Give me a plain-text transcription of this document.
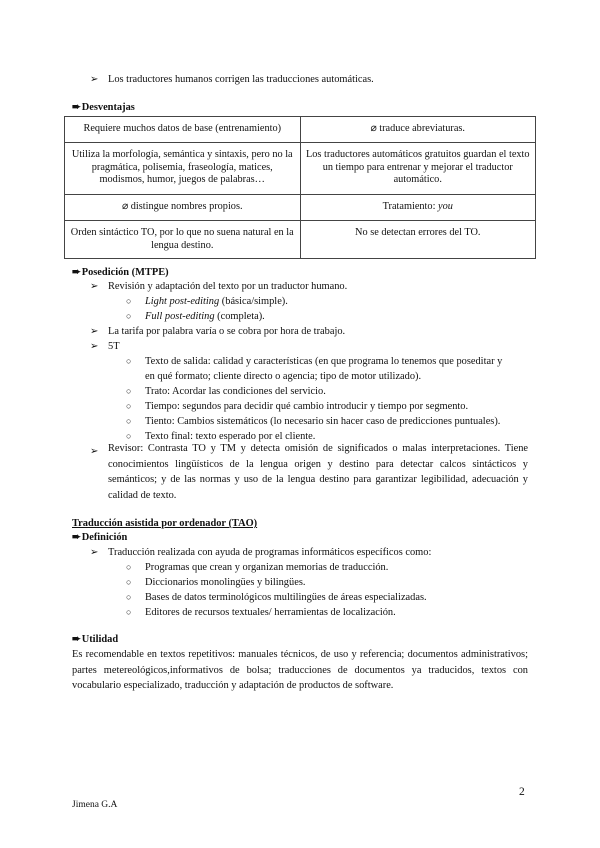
➢ Los traductores humanos corrigen las traducciones automáticas.
➨Desventajas
Requiere muchos datos de base (entrenamiento)	⌀ traduce abreviaturas.
Utiliza la morfología, semántica y sintaxis, pero no la pragmática, polisemia, fraseología, matices, modismos, humor, juegos de palabras…	Los traductores automáticos gratuitos guardan el texto un tiempo para entrenar y mejorar el traductor automático.
⌀ distingue nombres propios.	Tratamiento: you
Orden sintáctico TO, por lo que no suena natural en la lengua destino.	No se detectan errores del TO.
➨Posedición (MTPE)
➢ Revisión y adaptación del texto por un traductor humano.
○ Light post-editing (básica/simple).
○ Full post-editing (completa).
➢ La tarifa por palabra varía o se cobra por hora de trabajo.
➢ 5T
○ Texto de salida: calidad y características (en que programa lo tenemos que poseditar y
en qué formato; cliente directo o agencia; tipo de motor utilizado).
○ Trato: Acordar las condiciones del servicio.
○ Tiempo: segundos para decidir qué cambio introducir y tiempo por segmento.
○ Tiento: Cambios sistemáticos (lo necesario sin hacer caso de predicciones puntuales).
○ Texto final: texto esperado por el cliente.
➢ Revisor: Contrasta TO y TM y detecta omisión de significados o malas interpretaciones. Tiene conocimientos lingüísticos de la lengua origen y destino para detectar calcos sintácticos y semánticos; y de las normas y uso de la lengua destino para garantizar legibilidad, adecuación y calidad de texto.
Traducción asistida por ordenador (TAO)
➨Definición
➢ Traducción realizada con ayuda de programas informáticos específicos como:
○ Programas que crean y organizan memorias de traducción.
○ Diccionarios monolingües y bilingües.
○ Bases de datos terminológicos multilingües de áreas especializadas.
○ Editores de recursos textuales/ herramientas de localización.
➨Utilidad
Es recomendable en textos repetitivos: manuales técnicos, de uso y referencia; documentos administrativos; partes metereológicos,informativos de bolsa; traducciones de documentos ya traducidos, textos con vocabulario especializado, traducción y adaptación de productos de software.
2
Jimena G.A
